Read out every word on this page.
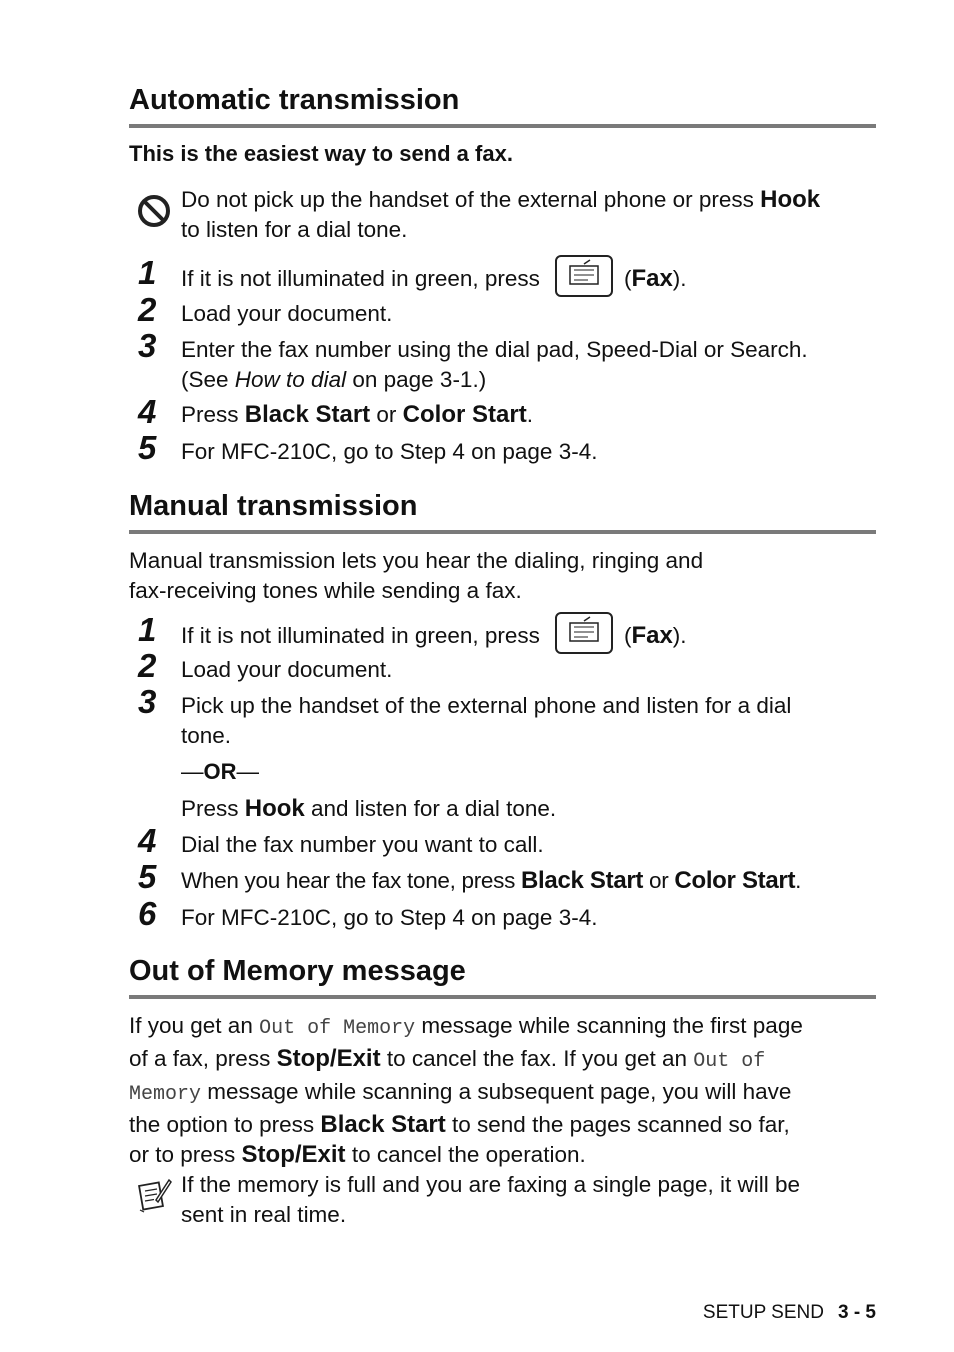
Automatic transmission
This is the easiest way to send a fax.
Do not pick up the handset of the external phone or press Hook
to listen for a dial tone.
1 If it is not illuminated in green, press	(Fax).
2 Load your document.
3 Enter the fax number using the dial pad, Speed-Dial or Search.
(See How to dial on page 3-1.)
4 Press Black Start or Color Start.
5 For MFC-210C, go to Step 4 on page 3-4.
Manual transmission
Manual transmission lets you hear the dialing, ringing and
fax-receiving tones while sending a fax.
1 If it is not illuminated in green, press	(Fax).
2 Load your document.
3 Pick up the handset of the external phone and listen for a dial
tone.
—OR—
Press Hook and listen for a dial tone.
4 Dial the fax number you want to call.
5 When you hear the fax tone, press Black Start or Color Start.
6 For MFC-210C, go to Step 4 on page 3-4.
Out of Memory message
If you get an Out of Memory message while scanning the first page
of a fax, press Stop/Exit to cancel the fax. If you get an Out of
Memory message while scanning a subsequent page, you will have
the option to press Black Start to send the pages scanned so far,
or to press Stop/Exit to cancel the operation.
If the memory is full and you are faxing a single page, it will be
sent in real time.
SETUP SEND 3 - 5
